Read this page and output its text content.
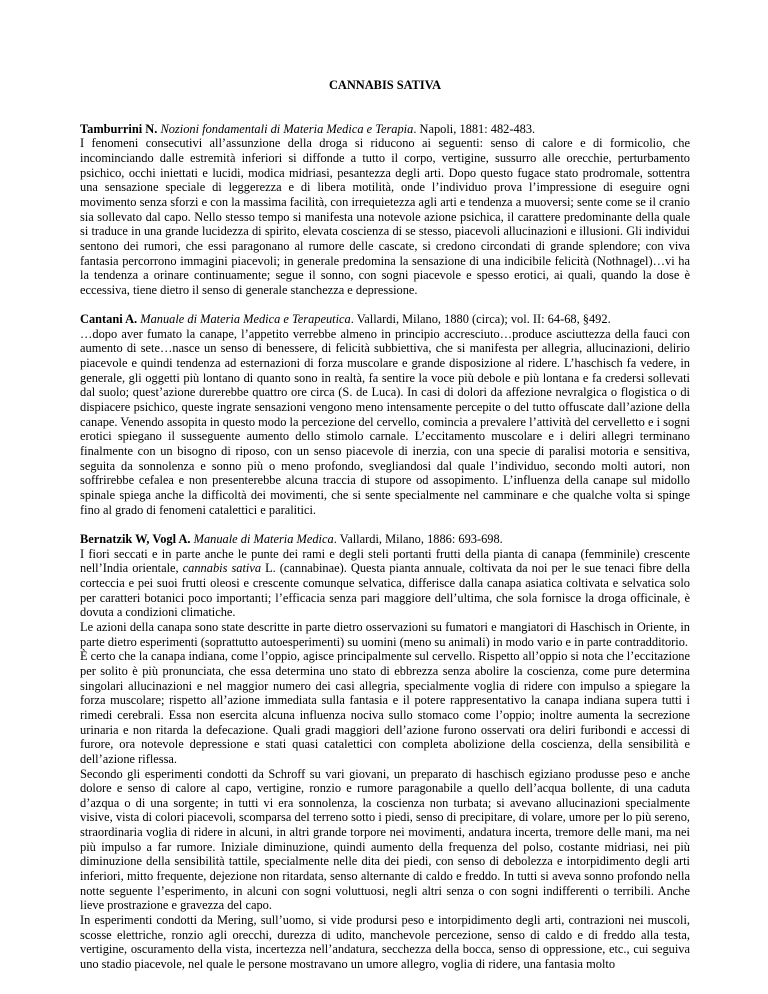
CANNABIS SATIVA

Tamburrini N. Nozioni fondamentali di Materia Medica e Terapia. Napoli, 1881: 482-483.

I fenomeni consecutivi all’assunzione della droga si riducono ai seguenti: senso di calore e di formicolio, che incominciando dalle estremità inferiori si diffonde a tutto il corpo, vertigine, sussurro alle orecchie, perturbamento psichico, occhi iniettati e lucidi, modica midriasi, pesantezza degli arti. Dopo questo fugace stato prodromale, sottentra una sensazione speciale di leggerezza e di libera motilità, onde l’individuo prova l’impressione di eseguire ogni movimento senza sforzi e con la massima facilità, con irrequietezza agli arti e tendenza a muoversi; sente come se il cranio sia sollevato dal capo. Nello stesso tempo si manifesta una notevole azione psichica, il carattere predominante della quale si traduce in una grande lucidezza di spirito, elevata coscienza di se stesso, piacevoli allucinazioni e illusioni. Gli individui sentono dei rumori, che essi paragonano al rumore delle cascate, si credono circondati di grande splendore; con viva fantasia percorrono immagini piacevoli; in generale predomina la sensazione di una indicibile felicità (Nothnagel)…vi ha la tendenza a orinare continuamente; segue il sonno, con sogni piacevole e spesso erotici, ai quali, quando la dose è eccessiva, tiene dietro il senso di generale stanchezza e depressione.

Cantani A. Manuale di Materia Medica e Terapeutica. Vallardi, Milano, 1880 (circa); vol. II: 64-68, §492.

…dopo aver fumato la canape, l’appetito verrebbe almeno in principio accresciuto…produce asciuttezza della fauci con aumento di sete…nasce un senso di benessere, di felicità subbiettiva, che si manifesta per allegria, allucinazioni, delirio piacevole e quindi tendenza ad esternazioni di forza muscolare e grande disposizione al ridere. L’haschisch fa vedere, in generale, gli oggetti più lontano di quanto sono in realtà, fa sentire la voce più debole e più lontana e fa credersi sollevati dal suolo; quest’azione durerebbe quattro ore circa (S. de Luca). In casi di dolori da affezione nevralgica o flogistica o di dispiacere psichico, queste ingrate sensazioni vengono meno intensamente percepite o del tutto offuscate dall’azione della canape. Venendo assopita in questo modo la percezione del cervello, comincia a prevalere l’attività del cervelletto e i sogni erotici spiegano il susseguente aumento dello stimolo carnale. L’eccitamento muscolare e i deliri allegri terminano finalmente con un bisogno di riposo, con un senso piacevole di inerzia, con una specie di paralisi motoria e sensitiva, seguita da sonnolenza e sonno più o meno profondo, svegliandosi dal quale l’individuo, secondo molti autori, non soffrirebbe cefalea e non presenterebbe alcuna traccia di stupore od assopimento. L’influenza della canape sul midollo spinale spiega anche la difficoltà dei movimenti, che si sente specialmente nel camminare e che qualche volta si spinge fino al grado di fenomeni catalettici e paralitici.

Bernatzik W, Vogl A. Manuale di Materia Medica. Vallardi, Milano, 1886: 693-698.

I fiori seccati e in parte anche le punte dei rami e degli steli portanti frutti della pianta di canapa (femminile) crescente nell’India orientale, cannabis sativa L. (cannabinae). Questa pianta annuale, coltivata da noi per le sue tenaci fibre della corteccia e pei suoi frutti oleosi e crescente comunque selvatica, differisce dalla canapa asiatica coltivata e selvatica solo per caratteri botanici poco importanti; l’efficacia senza pari maggiore dell’ultima, che sola fornisce la droga officinale, è dovuta a condizioni climatiche.

Le azioni della canapa sono state descritte in parte dietro osservazioni su fumatori e mangiatori di Haschisch in Oriente, in parte dietro esperimenti (soprattutto autoesperimenti) su uomini (meno su animali) in modo vario e in parte contradditorio.

È certo che la canapa indiana, come l’oppio, agisce principalmente sul cervello. Rispetto all’oppio si nota che l’eccitazione per solito è più pronunciata, che essa determina uno stato di ebbrezza senza abolire la coscienza, come pure determina singolari allucinazioni e nel maggior numero dei casi allegria, specialmente voglia di ridere con impulso a spiegare la forza muscolare; rispetto all’azione immediata sulla fantasia e il potere rappresentativo la canapa indiana supera tutti i rimedi cerebrali. Essa non esercita alcuna influenza nociva sullo stomaco come l’oppio; inoltre aumenta la secrezione urinaria e non ritarda la defecazione. Quali gradi maggiori dell’azione furono osservati ora deliri furibondi e accessi di furore, ora notevole depressione e stati quasi catalettici con completa abolizione della coscienza, della sensibilità e dell’azione riflessa.

Secondo gli esperimenti condotti da Schroff su vari giovani, un preparato di haschisch egiziano produsse peso e anche dolore e senso di calore al capo, vertigine, ronzio e rumore paragonabile a quello dell’acqua bollente, di una caduta d’azqua o di una sorgente; in tutti vi era sonnolenza, la coscienza non turbata; si avevano allucinazioni specialmente visive, vista di colori piacevoli, scomparsa del terreno sotto i piedi, senso di precipitare, di volare, umore per lo più sereno, straordinaria voglia di ridere in alcuni, in altri grande torpore nei movimenti, andatura incerta, tremore delle mani, ma nei più impulso a far rumore. Iniziale diminuzione, quindi aumento della frequenza del polso, costante midriasi, nei più diminuzione della sensibilità tattile, specialmente nelle dita dei piedi, con senso di debolezza e intorpidimento degli arti inferiori, mitto frequente, dejezione non ritardata, senso alternante di caldo e freddo. In tutti si aveva sonno profondo nella notte seguente l’esperimento, in alcuni con sogni voluttuosi, negli altri senza o con sogni indifferenti o terribili. Anche lieve prostrazione e gravezza del capo.

In esperimenti condotti da Mering, sull’uomo, si vide prodursi peso e intorpidimento degli arti, contrazioni nei muscoli, scosse elettriche, ronzio agli orecchi, durezza di udito, manchevole percezione, senso di caldo e di freddo alla testa, vertigine, oscuramento della vista, incertezza nell’andatura, secchezza della bocca, senso di oppressione, etc., cui seguiva uno stadio piacevole, nel quale le persone mostravano un umore allegro, voglia di ridere, una fantasia molto
